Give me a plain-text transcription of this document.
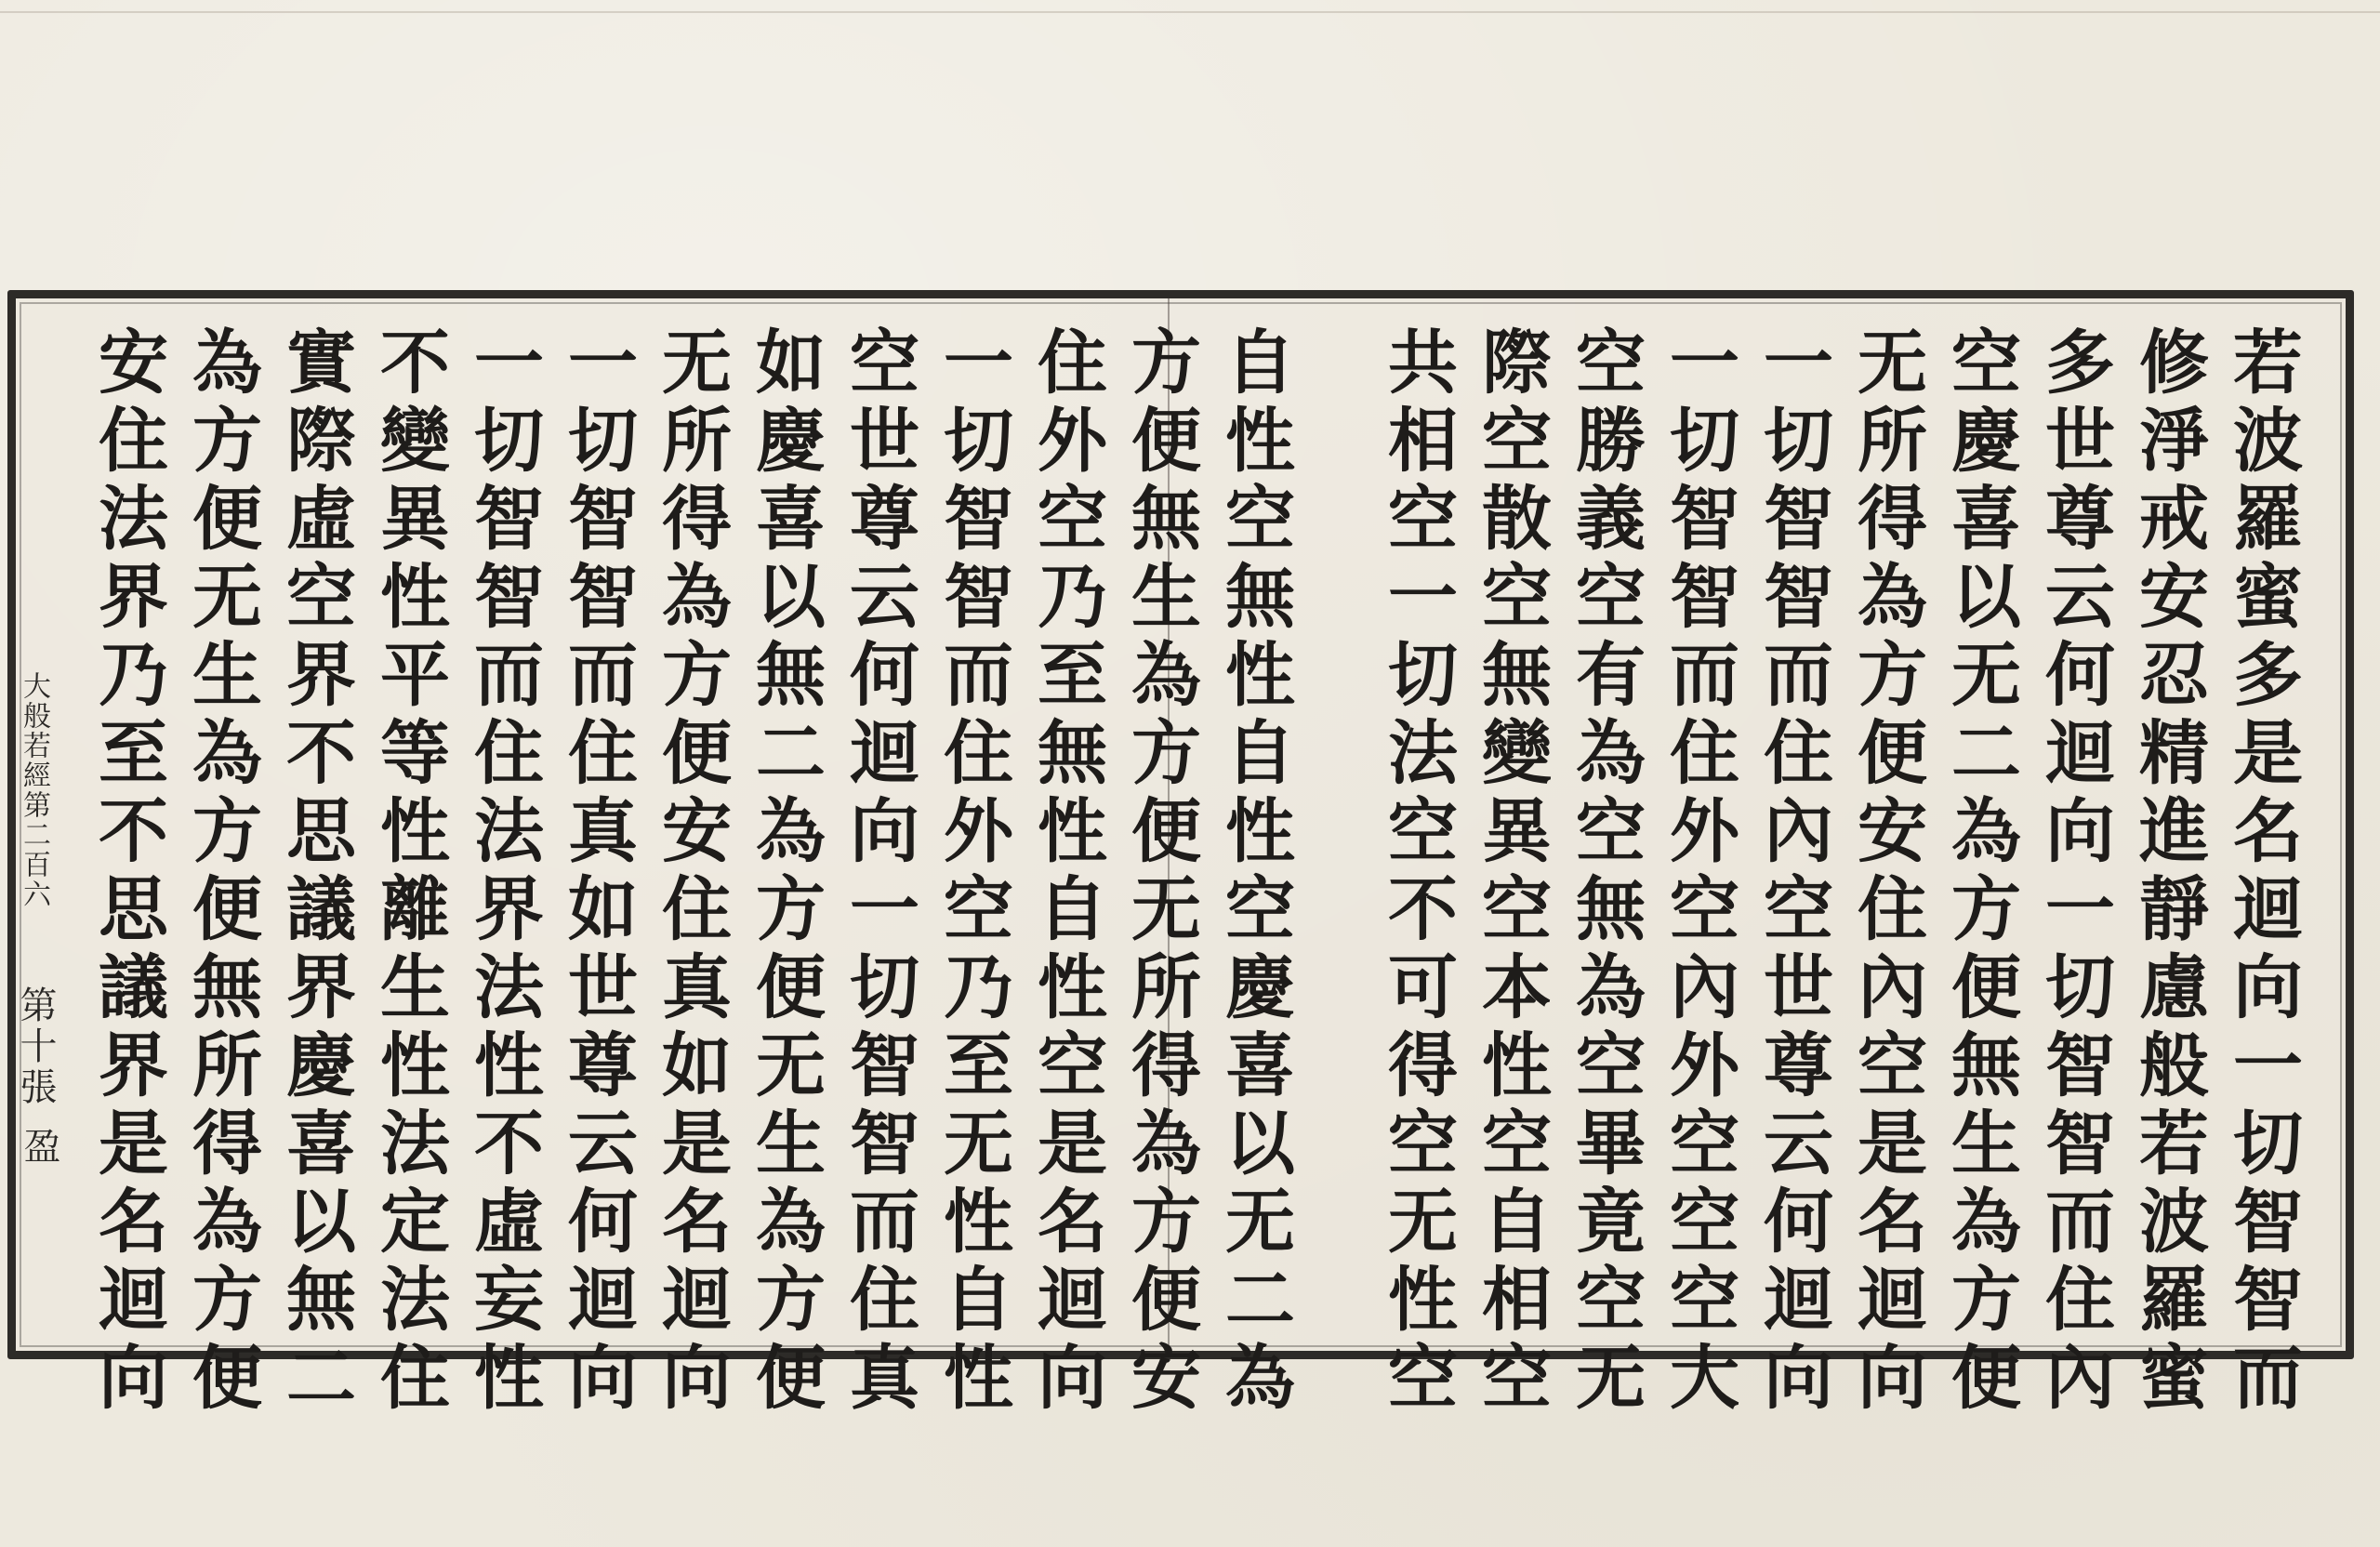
若波羅蜜多是名迴向一切智智而
修淨戒安忍精進靜慮般若波羅蜜
多世尊云何迴向一切智智而住內
空慶喜以无二為方便無生為方便
无所得為方便安住內空是名迴向
一切智智而住內空世尊云何迴向
一切智智而住外空內外空空空大
空勝義空有為空無為空畢竟空无
際空散空無變異空本性空自相空
共相空一切法空不可得空无性空
自性空無性自性空慶喜以无二為
方便無生為方便无所得為方便安
住外空乃至無性自性空是名迴向
一切智智而住外空乃至无性自性
空世尊云何迴向一切智智而住真
如慶喜以無二為方便无生為方便
无所得為方便安住真如是名迴向
一切智智而住真如世尊云何迴向
一切智智而住法界法性不虛妄性
不變異性平等性離生性法定法住
實際虛空界不思議界慶喜以無二
為方便无生為方便無所得為方便
安住法界乃至不思議界是名迴向
大般若經第二百六
第十張
盈
